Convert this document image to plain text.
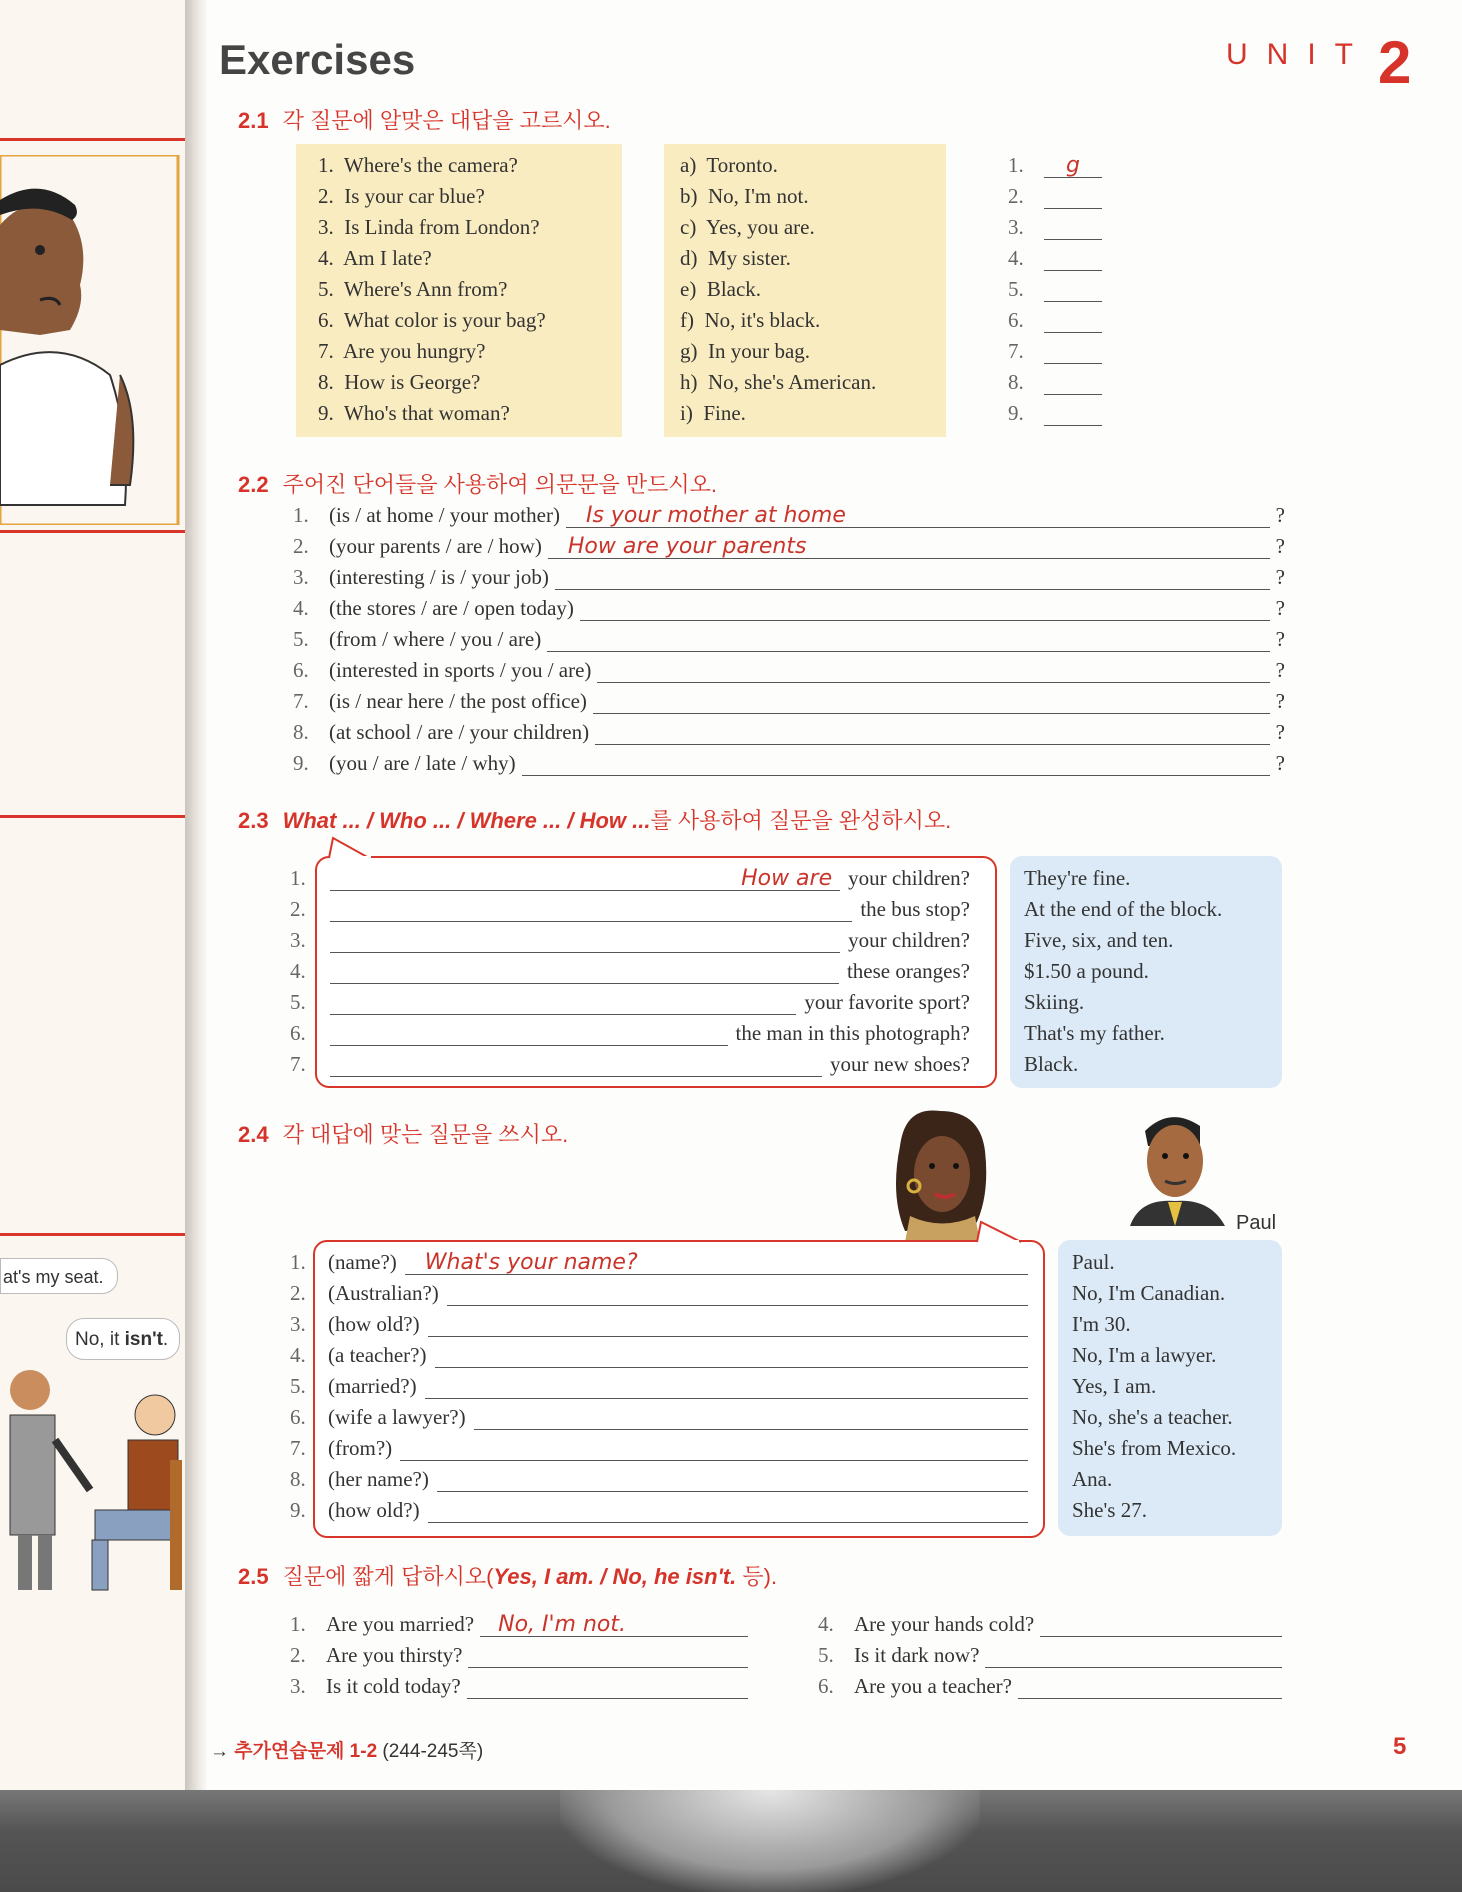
at's my seat.
No, it isn't.
Exercises	UNIT 2
2.1 각 질문에 알맞은 대답을 고르시오.
1.  Where's the camera?
2.  Is your car blue?
3.  Is Linda from London?
4.  Am I late?
5.  Where's Ann from?
6.  What color is your bag?
7.  Are you hungry?
8.  How is George?
9.  Who's that woman?
a)  Toronto.
b)  No, I'm not.
c)  Yes, you are.
d)  My sister.
e)  Black.
f)  No, it's black.
g)  In your bag.
h)  No, she's American.
i)  Fine.
1.	g
2.
3.
4.
5.
6.
7.
8.
9.
2.2 주어진 단어들을 사용하여 의문문을 만드시오.
1. (is / at home / your mother)	Is your mother at home	?
2. (your parents / are / how)	How are your parents	?
3. (interesting / is / your job)	?
4. (the stores / are / open today)	?
5. (from / where / you / are)	?
6. (interested in sports / you / are)	?
7. (is / near here / the post office)	?
8. (at school / are / your children)	?
9. (you / are / late / why)	?
2.3 What ... / Who ... / Where ... / How ...를 사용하여 질문을 완성하시오.
1.	How are your children?
2.	the bus stop?
3.	your children?
4.	these oranges?
5.	your favorite sport?
6.	the man in this photograph?
7.	your new shoes?
They're fine.
At the end of the block.
Five, six, and ten.
$1.50 a pound.
Skiing.
That's my father.
Black.
2.4 각 대답에 맞는 질문을 쓰시오.
Paul
1. (name?)	What's your name?
2. (Australian?)
3. (how old?)
4. (a teacher?)
5. (married?)
6. (wife a lawyer?)
7. (from?)
8. (her name?)
9. (how old?)
Paul.
No, I'm Canadian.
I'm 30.
No, I'm a lawyer.
Yes, I am.
No, she's a teacher.
She's from Mexico.
Ana.
She's 27.
2.5 질문에 짧게 답하시오(Yes, I am. / No, he isn't. 등).
1. Are you married?	No, I'm not.
2. Are you thirsty?
3. Is it cold today?
4. Are your hands cold?
5. Is it dark now?
6. Are you a teacher?
→ 추가연습문제 1-2 (244-245쪽)	5
